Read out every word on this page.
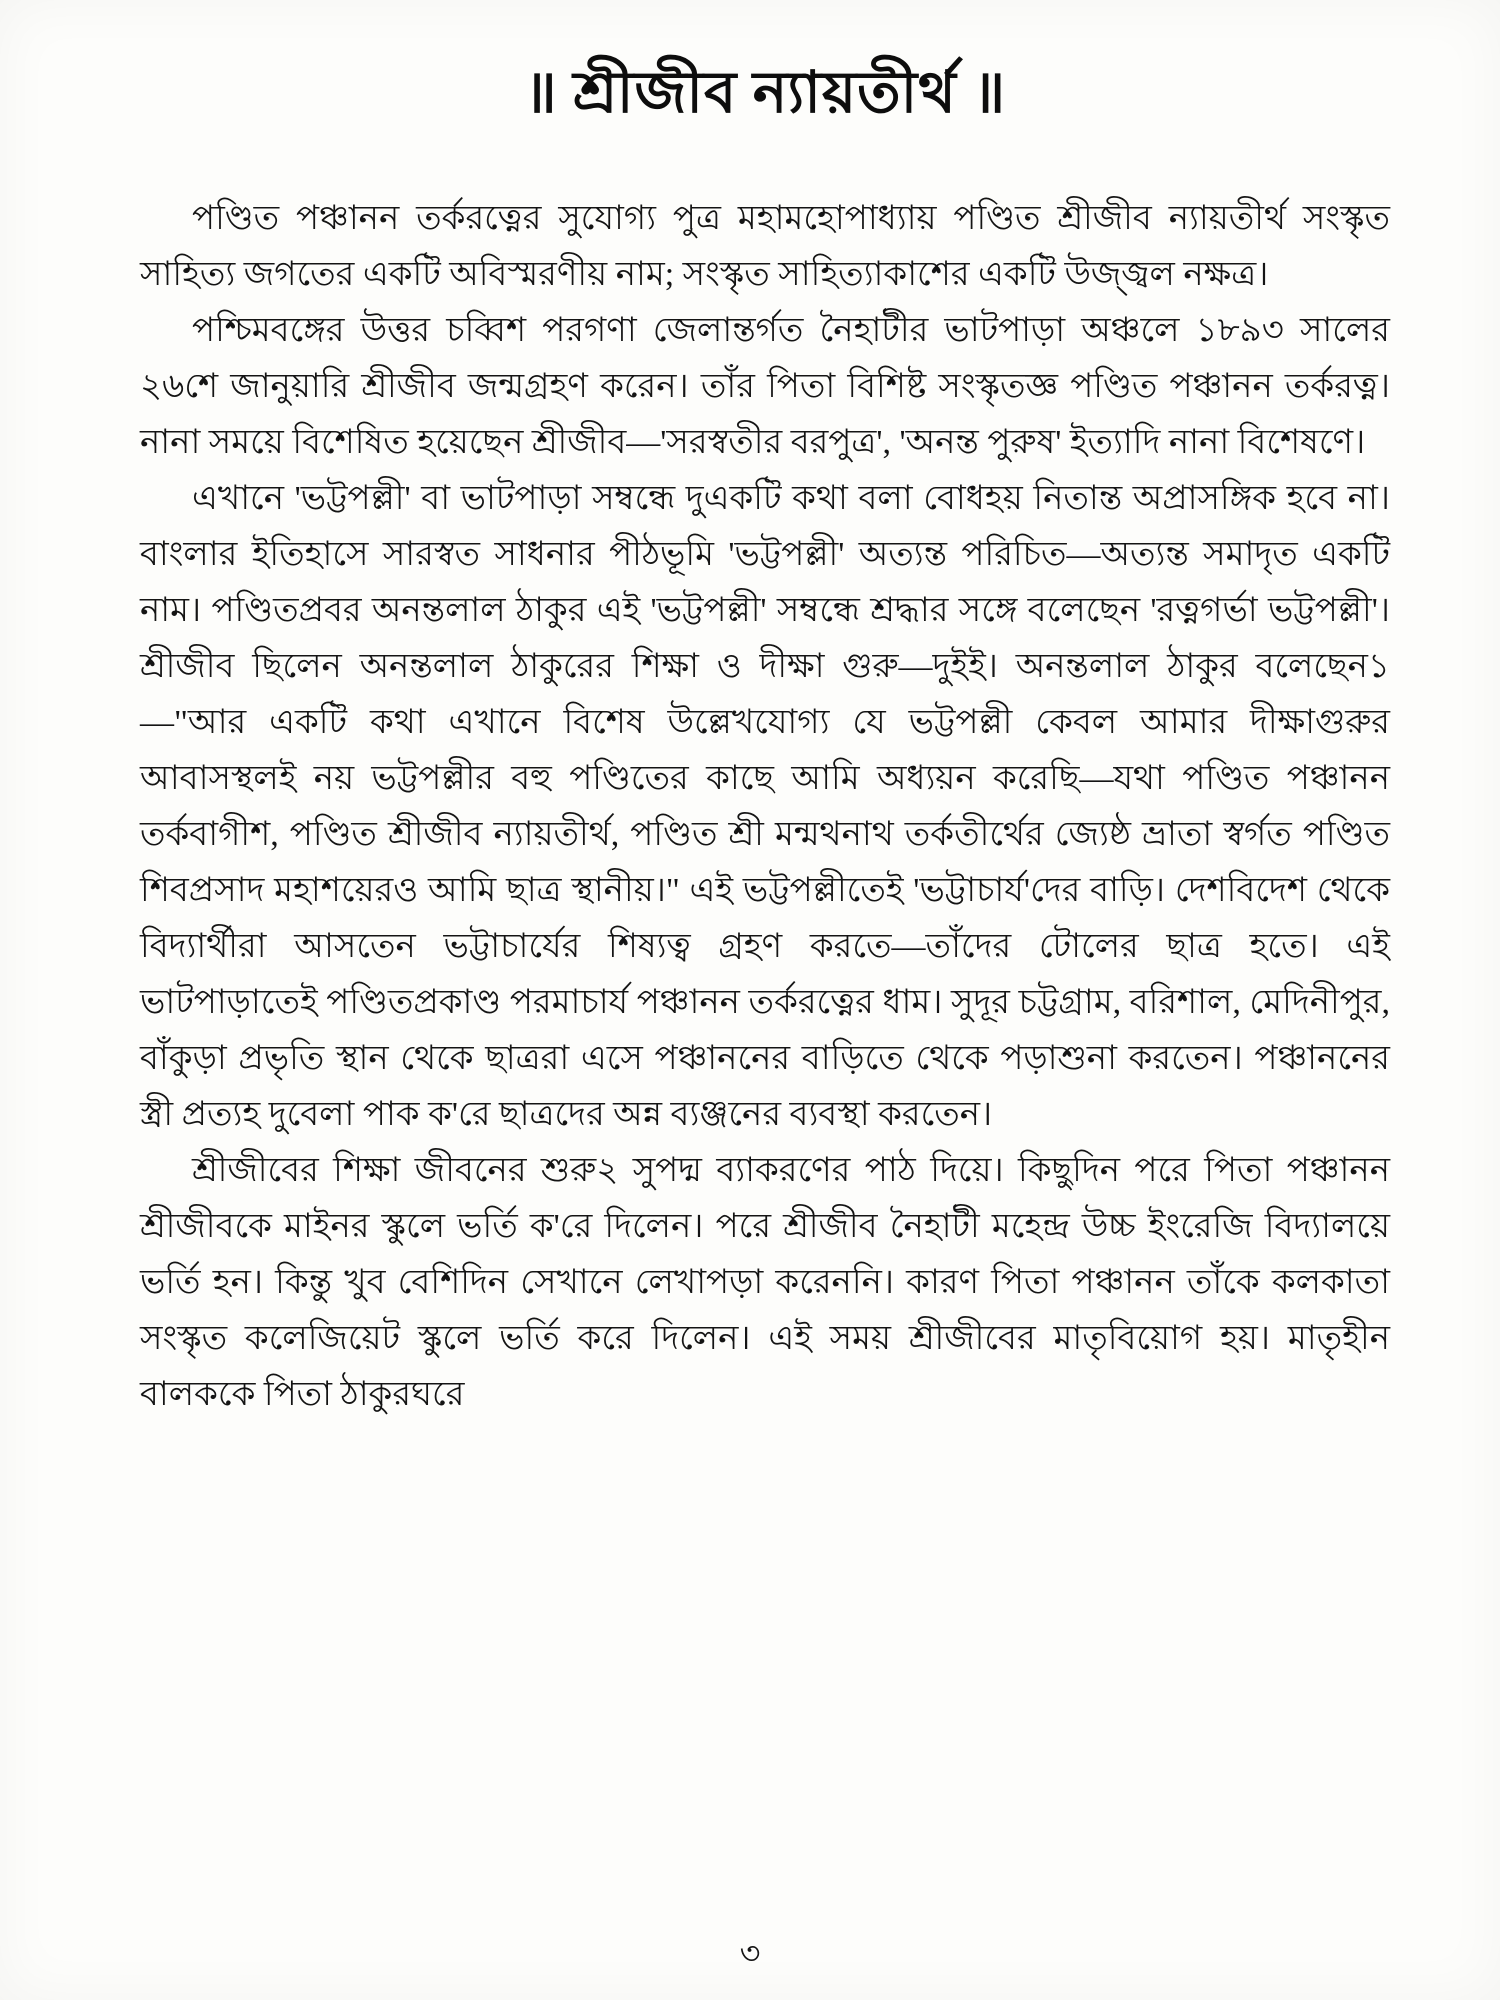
॥ শ্রীজীব ন্যায়তীর্থ ॥

পণ্ডিত পঞ্চানন তর্করত্নের সুযোগ্য পুত্র মহামহোপাধ্যায় পণ্ডিত শ্রীজীব ন্যায়তীর্থ সংস্কৃত সাহিত্য জগতের একটি অবিস্মরণীয় নাম; সংস্কৃত সাহিত্যাকাশের একটি উজ্জ্বল নক্ষত্র।

পশ্চিমবঙ্গের উত্তর চব্বিশ পরগণা জেলান্তর্গত নৈহাটীর ভাটপাড়া অঞ্চলে ১৮৯৩ সালের ২৬শে জানুয়ারি শ্রীজীব জন্মগ্রহণ করেন। তাঁর পিতা বিশিষ্ট সংস্কৃতজ্ঞ পণ্ডিত পঞ্চানন তর্করত্ন। নানা সময়ে বিশেষিত হয়েছেন শ্রীজীব—'সরস্বতীর বরপুত্র', 'অনন্ত পুরুষ' ইত্যাদি নানা বিশেষণে।

এখানে 'ভট্টপল্লী' বা ভাটপাড়া সম্বন্ধে দুএকটি কথা বলা বোধহয় নিতান্ত অপ্রাসঙ্গিক হবে না। বাংলার ইতিহাসে সারস্বত সাধনার পীঠভূমি 'ভট্টপল্লী' অত্যন্ত পরিচিত—অত্যন্ত সমাদৃত একটি নাম। পণ্ডিতপ্রবর অনন্তলাল ঠাকুর এই 'ভট্টপল্লী' সম্বন্ধে শ্রদ্ধার সঙ্গে বলেছেন 'রত্নগর্ভা ভট্টপল্লী'। শ্রীজীব ছিলেন অনন্তলাল ঠাকুরের শিক্ষা ও দীক্ষা গুরু—দুইই। অনন্তলাল ঠাকুর বলেছেন১—"আর একটি কথা এখানে বিশেষ উল্লেখযোগ্য যে ভট্টপল্লী কেবল আমার দীক্ষাগুরুর আবাসস্থলই নয় ভট্টপল্লীর বহু পণ্ডিতের কাছে আমি অধ্যয়ন করেছি—যথা পণ্ডিত পঞ্চানন তর্কবাগীশ, পণ্ডিত শ্রীজীব ন্যায়তীর্থ, পণ্ডিত শ্রী মন্মথনাথ তর্কতীর্থের জ্যেষ্ঠ ভ্রাতা স্বর্গত পণ্ডিত শিবপ্রসাদ মহাশয়েরও আমি ছাত্র স্থানীয়।" এই ভট্টপল্লীতেই 'ভট্টাচার্য'দের বাড়ি। দেশবিদেশ থেকে বিদ্যার্থীরা আসতেন ভট্টাচার্যের শিষ্যত্ব গ্রহণ করতে—তাঁদের টোলের ছাত্র হতে। এই ভাটপাড়াতেই পণ্ডিতপ্রকাণ্ড পরমাচার্য পঞ্চানন তর্করত্নের ধাম। সুদূর চট্টগ্রাম, বরিশাল, মেদিনীপুর, বাঁকুড়া প্রভৃতি স্থান থেকে ছাত্ররা এসে পঞ্চাননের বাড়িতে থেকে পড়াশুনা করতেন। পঞ্চাননের স্ত্রী প্রত্যহ দুবেলা পাক ক'রে ছাত্রদের অন্ন ব্যঞ্জনের ব্যবস্থা করতেন।

শ্রীজীবের শিক্ষা জীবনের শুরু২ সুপদ্ম ব্যাকরণের পাঠ দিয়ে। কিছুদিন পরে পিতা পঞ্চানন শ্রীজীবকে মাইনর স্কুলে ভর্তি ক'রে দিলেন। পরে শ্রীজীব নৈহাটী মহেন্দ্র উচ্চ ইংরেজি বিদ্যালয়ে ভর্তি হন। কিন্তু খুব বেশিদিন সেখানে লেখাপড়া করেননি। কারণ পিতা পঞ্চানন তাঁকে কলকাতা সংস্কৃত কলেজিয়েট স্কুলে ভর্তি করে দিলেন। এই সময় শ্রীজীবের মাতৃবিয়োগ হয়। মাতৃহীন বালককে পিতা ঠাকুরঘরে

৩
